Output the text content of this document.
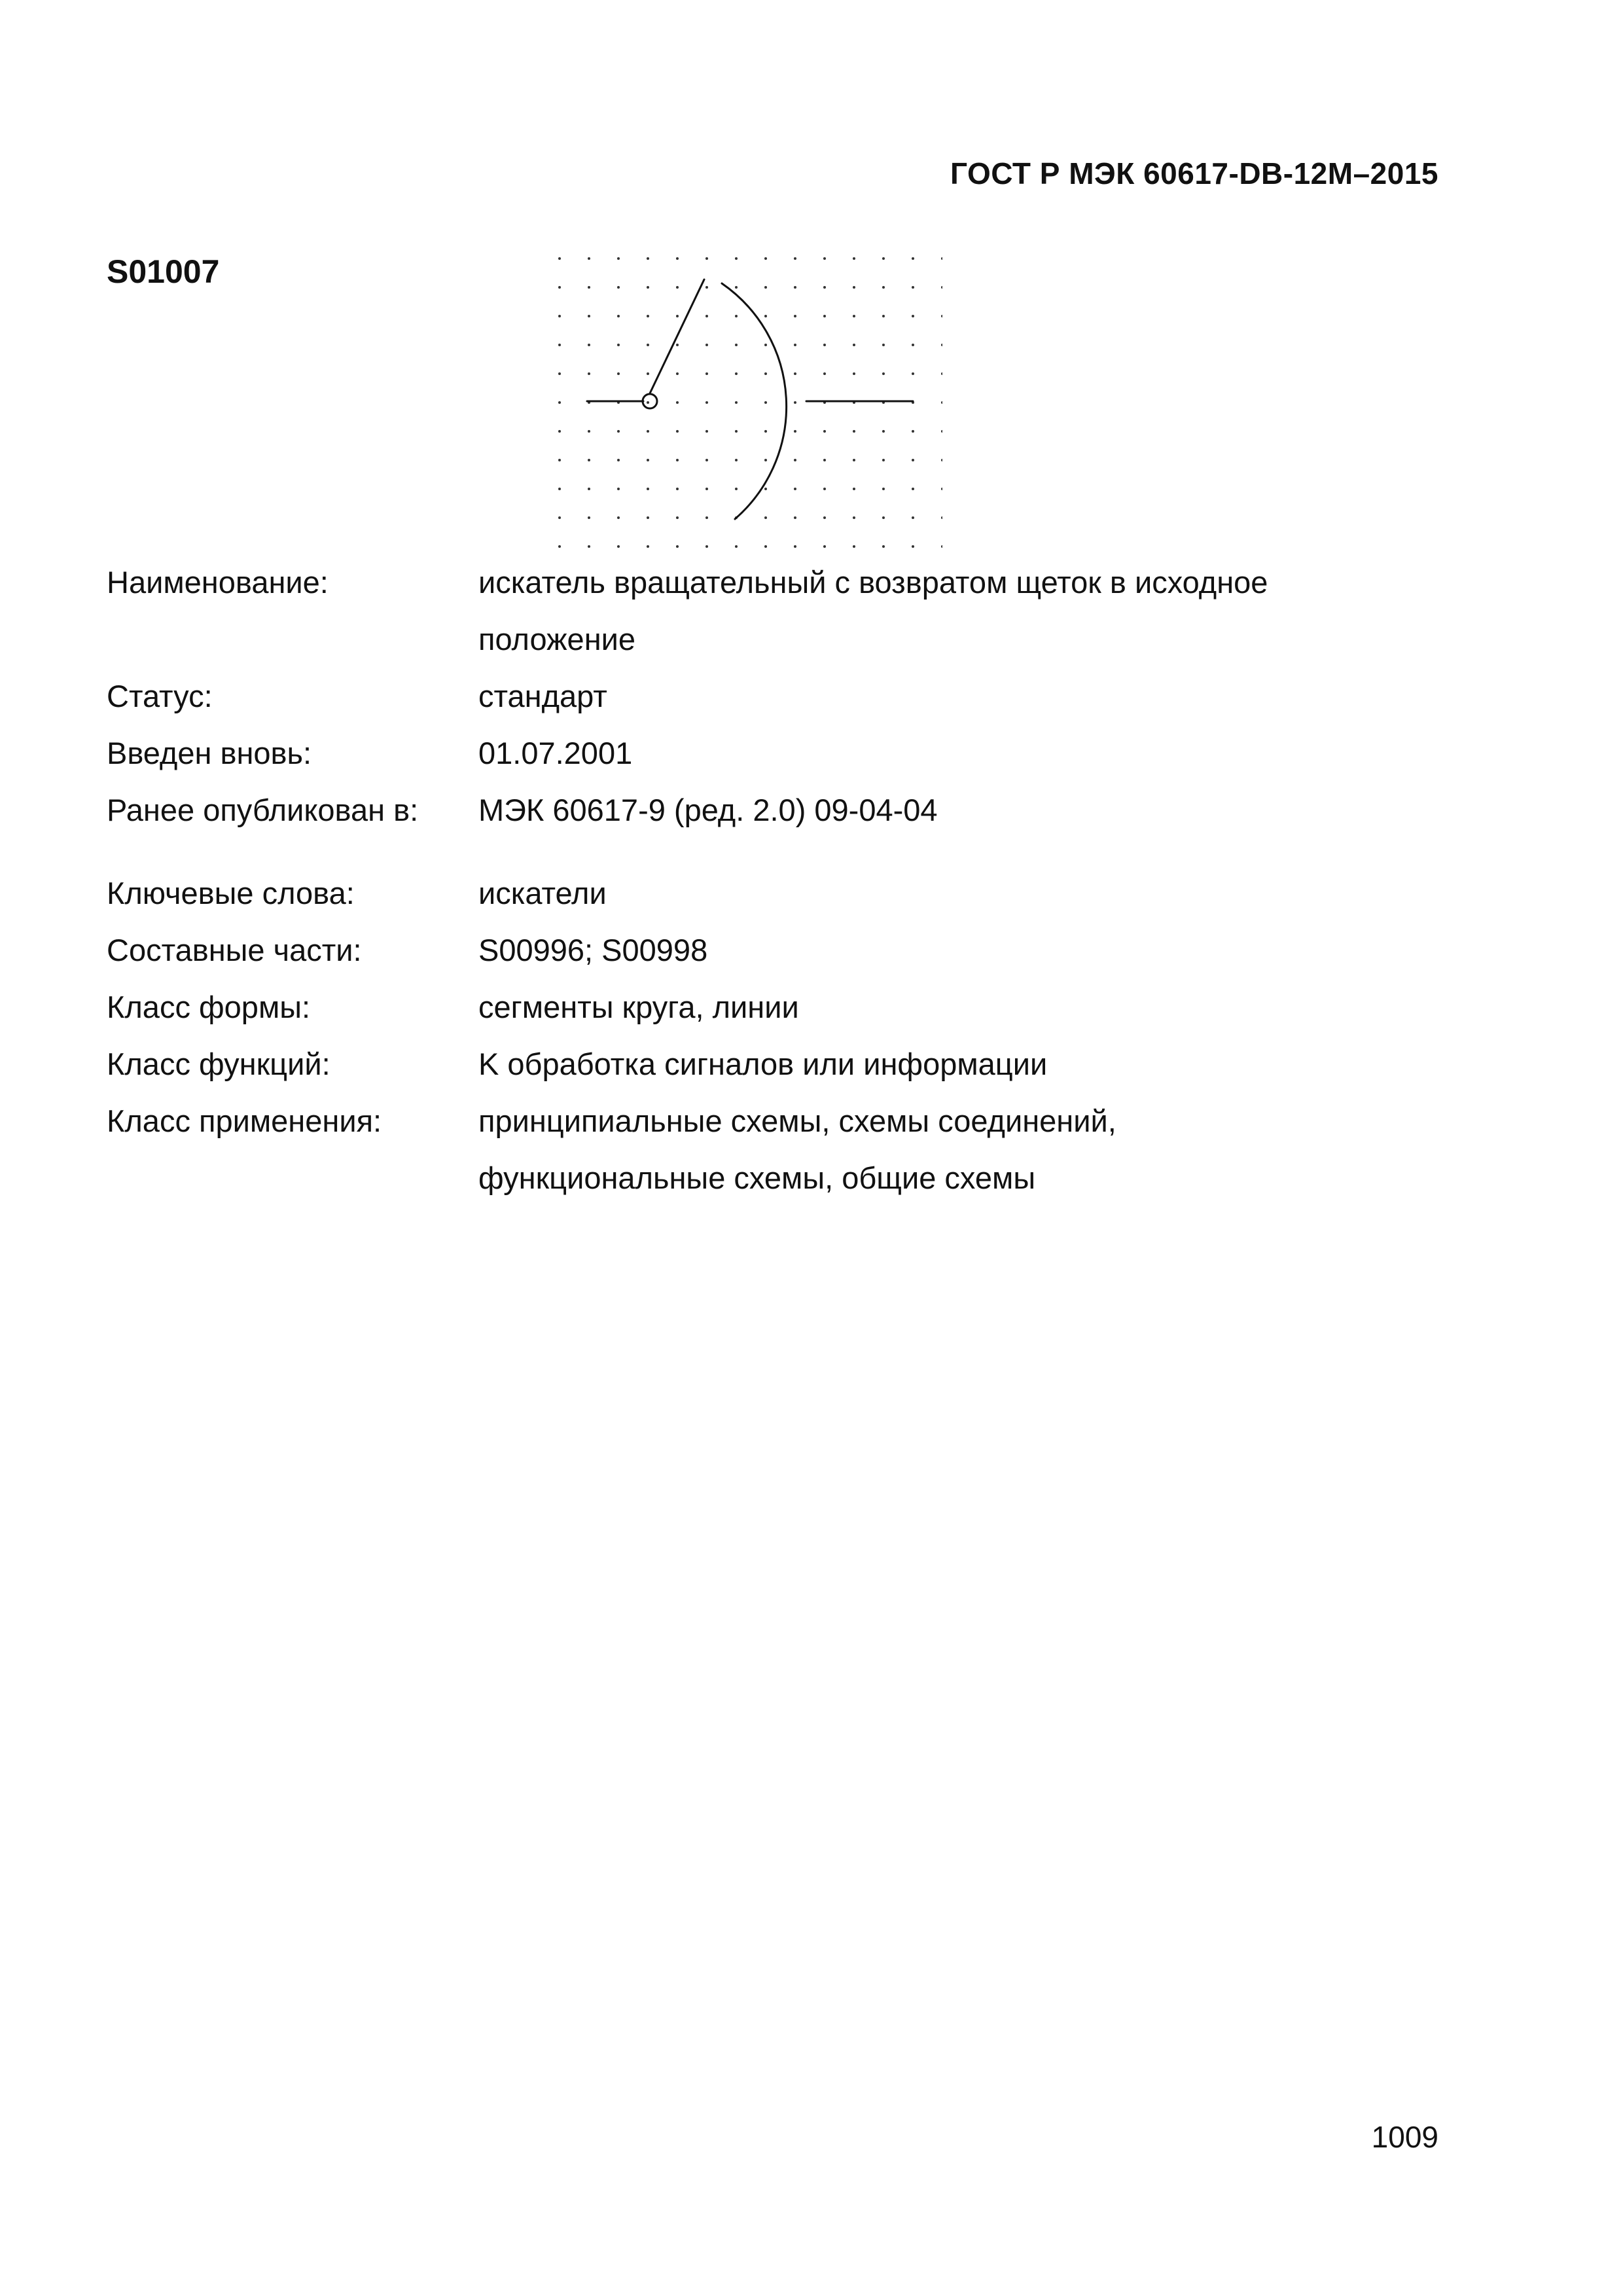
ГОСТ Р МЭК 60617-DB-12M–2015
S01007
Наименование:	искатель вращательный с возвратом щеток в исходное
положение
Статус:	стандарт
Введен вновь:	01.07.2001
Ранее опубликован в: МЭК 60617-9 (ред. 2.0) 09-04-04
Ключевые слова:	искатели
Составные части:	S00996; S00998
Класс формы:	сегменты круга, линии
Класс функций:	K обработка сигналов или информации
Класс применения:	принципиальные схемы, схемы соединений,
функциональные схемы, общие схемы
1009
